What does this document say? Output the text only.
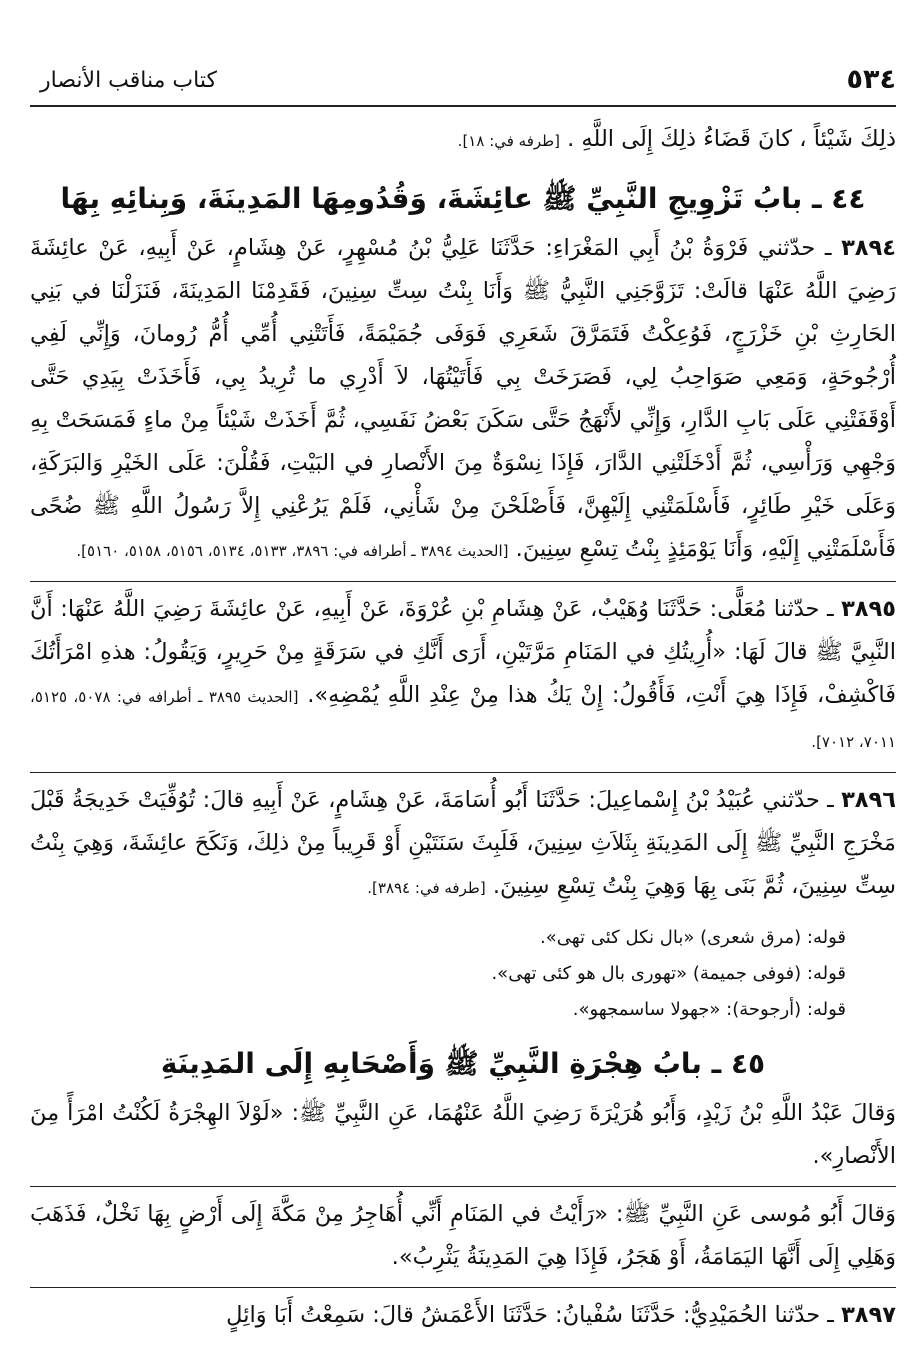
٥٣٤
كتاب مناقب الأنصار

ذلِكَ شَيْئاً ، كانَ قَضَاءُ ذلِكَ إِلَى اللَّهِ . [طرفه في: ١٨].

٤٤ ـ بابُ تَزْوِيجِ النَّبِيِّ ﷺ عائِشَةَ، وَقُدُومِهَا المَدِينَةَ، وَبِنائِهِ بِهَا

٣٨٩٤ ـ حدّثني فَرْوَةُ بْنُ أَبِي المَغْرَاءِ: حَدَّثَنَا عَلِيُّ بْنُ مُسْهِرٍ، عَنْ هِشَامٍ، عَنْ أَبِيهِ، عَنْ عائِشَةَ رَضِيَ اللَّهُ عَنْهَا قالَتْ: تَزَوَّجَنِي النَّبِيُّ ﷺ وَأَنَا بِنْتُ سِتِّ سِنِينَ، فَقَدِمْنَا المَدِينَةَ، فَنَزَلْنَا في بَنِي الحَارِثِ بْنِ خَزْرَجٍ، فَوُعِكْتُ فَتَمَرَّقَ شَعَرِي فَوَفَى جُمَيْمَةً، فَأَتَتْنِي أُمِّي أُمُّ رُومانَ، وَإِنِّي لَفِي أُرْجُوحَةٍ، وَمَعِي صَوَاحِبُ لِي، فَصَرَخَتْ بِي فَأَتَيْتُهَا، لاَ أَدْرِي ما تُرِيدُ بِي، فَأَخَذَتْ بِيَدِي حَتَّى أَوْقَفَتْنِي عَلَى بَابِ الدَّارِ، وَإِنِّي لأَنْهَجُ حَتَّى سَكَنَ بَعْضُ نَفَسِي، ثُمَّ أَخَذَتْ شَيْئاً مِنْ ماءٍ فَمَسَحَتْ بِهِ وَجْهِي وَرَأْسِي، ثُمَّ أَدْخَلَتْنِي الدَّارَ، فَإِذَا نِسْوَةٌ مِنَ الأَنْصارِ في البَيْتِ، فَقُلْنَ: عَلَى الخَيْرِ وَالبَرَكَةِ، وَعَلَى خَيْرِ طَائِرٍ، فَأَسْلَمَتْنِي إِلَيْهِنَّ، فَأَصْلَحْنَ مِنْ شَأْنِي، فَلَمْ يَرُعْنِي إِلاَّ رَسُولُ اللَّهِ ﷺ ضُحًى فَأَسْلَمَتْنِي إِلَيْهِ، وَأَنَا يَوْمَئِذٍ بِنْتُ تِسْعِ سِنِينَ. [الحديث ٣٨٩٤ ـ أطرافه في: ٣٨٩٦، ٥١٣٣، ٥١٣٤، ٥١٥٦، ٥١٥٨، ٥١٦٠].

٣٨٩٥ ـ حدّثنا مُعَلًّى: حَدَّثَنَا وُهَيْبٌ، عَنْ هِشَامِ بْنِ عُرْوَةَ، عَنْ أَبِيهِ، عَنْ عائِشَةَ رَضِيَ اللَّهُ عَنْهَا: أَنَّ النَّبِيَّ ﷺ قالَ لَهَا: «أُرِيتُكِ في المَنَامِ مَرَّتَيْنِ، أَرَى أَنَّكِ في سَرَقَةٍ مِنْ حَرِيرٍ، وَيَقُولُ: هذهِ امْرَأَتُكَ فَاكْشِفْ، فَإِذَا هِيَ أَنْتِ، فَأَقُولُ: إِنْ يَكُ هذا مِنْ عِنْدِ اللَّهِ يُمْضِهِ». [الحديث ٣٨٩٥ ـ أطرافه في: ٥٠٧٨، ٥١٢٥، ٧٠١١، ٧٠١٢].

٣٨٩٦ ـ حدّثني عُبَيْدُ بْنُ إِسْماعِيلَ: حَدَّثَنَا أَبُو أُسَامَةَ، عَنْ هِشَامٍ، عَنْ أَبِيهِ قالَ: تُوُفِّيَتْ خَدِيجَةُ قَبْلَ مَخْرَجِ النَّبِيِّ ﷺ إِلَى المَدِينَةِ بِثَلاَثِ سِنِينَ، فَلَبِثَ سَنَتَيْنِ أَوْ قَرِيباً مِنْ ذلِكَ، وَنَكَحَ عائِشَةَ، وَهِيَ بِنْتُ سِتِّ سِنِينَ، ثُمَّ بَنَى بِهَا وَهِيَ بِنْتُ تِسْعِ سِنِينَ. [طرفه في: ٣٨٩٤].

قوله: (مرق شعرى) «بال نكل كئى تهى».
قوله: (فوفى جميمة) «تهورى بال هو كئى تهى».
قوله: (أرجوحة): «جهولا ساسمجهو».
٤٥ ـ بابُ هِجْرَةِ النَّبِيِّ ﷺ وَأَصْحَابِهِ إِلَى المَدِينَةِ

وَقالَ عَبْدُ اللَّهِ بْنُ زَيْدٍ، وَأَبُو هُرَيْرَةَ رَضِيَ اللَّهُ عَنْهُمَا، عَنِ النَّبِيِّ ﷺ: «لَوْلاَ الهِجْرَةُ لَكُنْتُ امْرَأً مِنَ الأَنْصارِ».

وَقالَ أَبُو مُوسى عَنِ النَّبِيِّ ﷺ: «رَأَيْتُ في المَنَامِ أَنِّي أُهَاجِرُ مِنْ مَكَّةَ إِلَى أَرْضٍ بِهَا نَخْلٌ، فَذَهَبَ وَهَلِي إِلَى أَنَّهَا اليَمَامَةُ، أَوْ هَجَرُ، فَإِذَا هِيَ المَدِينَةُ يَثْرِبُ».

٣٨٩٧ ـ حدّثنا الحُمَيْدِيُّ: حَدَّثَنَا سُفْيانُ: حَدَّثَنَا الأَعْمَشُ قالَ: سَمِعْتُ أَبَا وَائِلٍ
